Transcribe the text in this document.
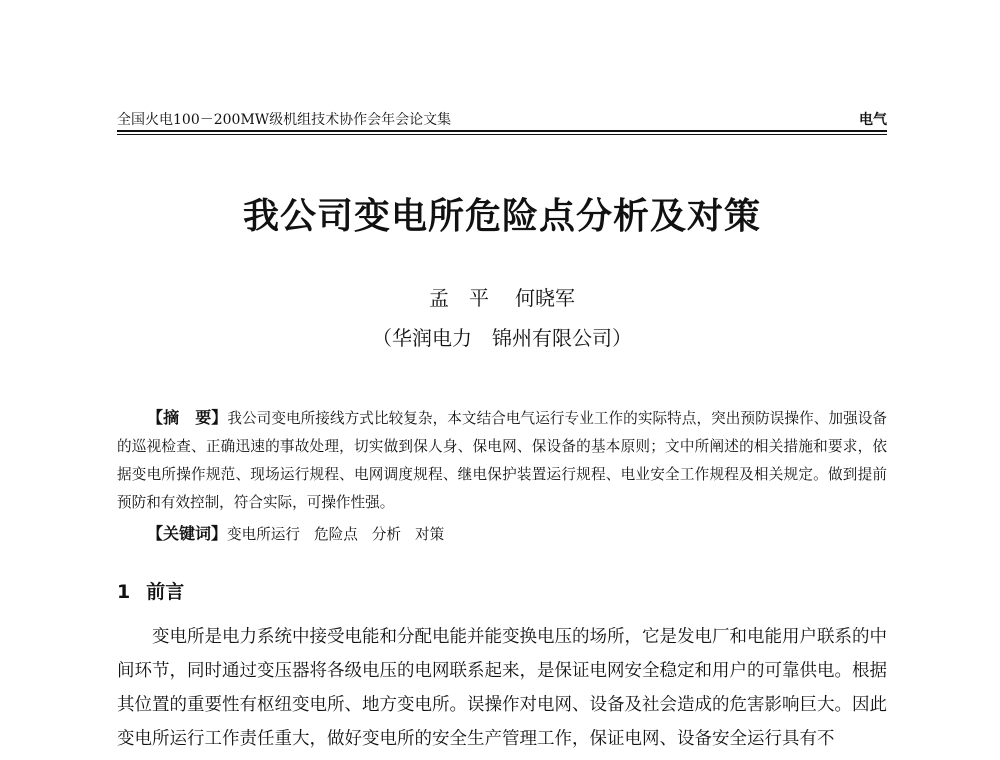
全国火电100－200MW级机组技术协作会年会论文集	电气
我公司变电所危险点分析及对策
孟　平 何晓军
（华润电力　锦州有限公司）

【摘　要】我公司变电所接线方式比较复杂，本文结合电气运行专业工作的实际特点，突出预防误操作、加强设备的巡视检查、正确迅速的事故处理，切实做到保人身、保电网、保设备的基本原则；文中所阐述的相关措施和要求，依据变电所操作规范、现场运行规程、电网调度规程、继电保护装置运行规程、电业安全工作规程及相关规定。做到提前预防和有效控制，符合实际，可操作性强。

【关键词】变电所运行 危险点 分析 对策
1 前言

变电所是电力系统中接受电能和分配电能并能变换电压的场所，它是发电厂和电能用户联系的中间环节，同时通过变压器将各级电压的电网联系起来，是保证电网安全稳定和用户的可靠供电。根据其位置的重要性有枢纽变电所、地方变电所。误操作对电网、设备及社会造成的危害影响巨大。因此变电所运行工作责任重大，做好变电所的安全生产管理工作，保证电网、设备安全运行具有不
